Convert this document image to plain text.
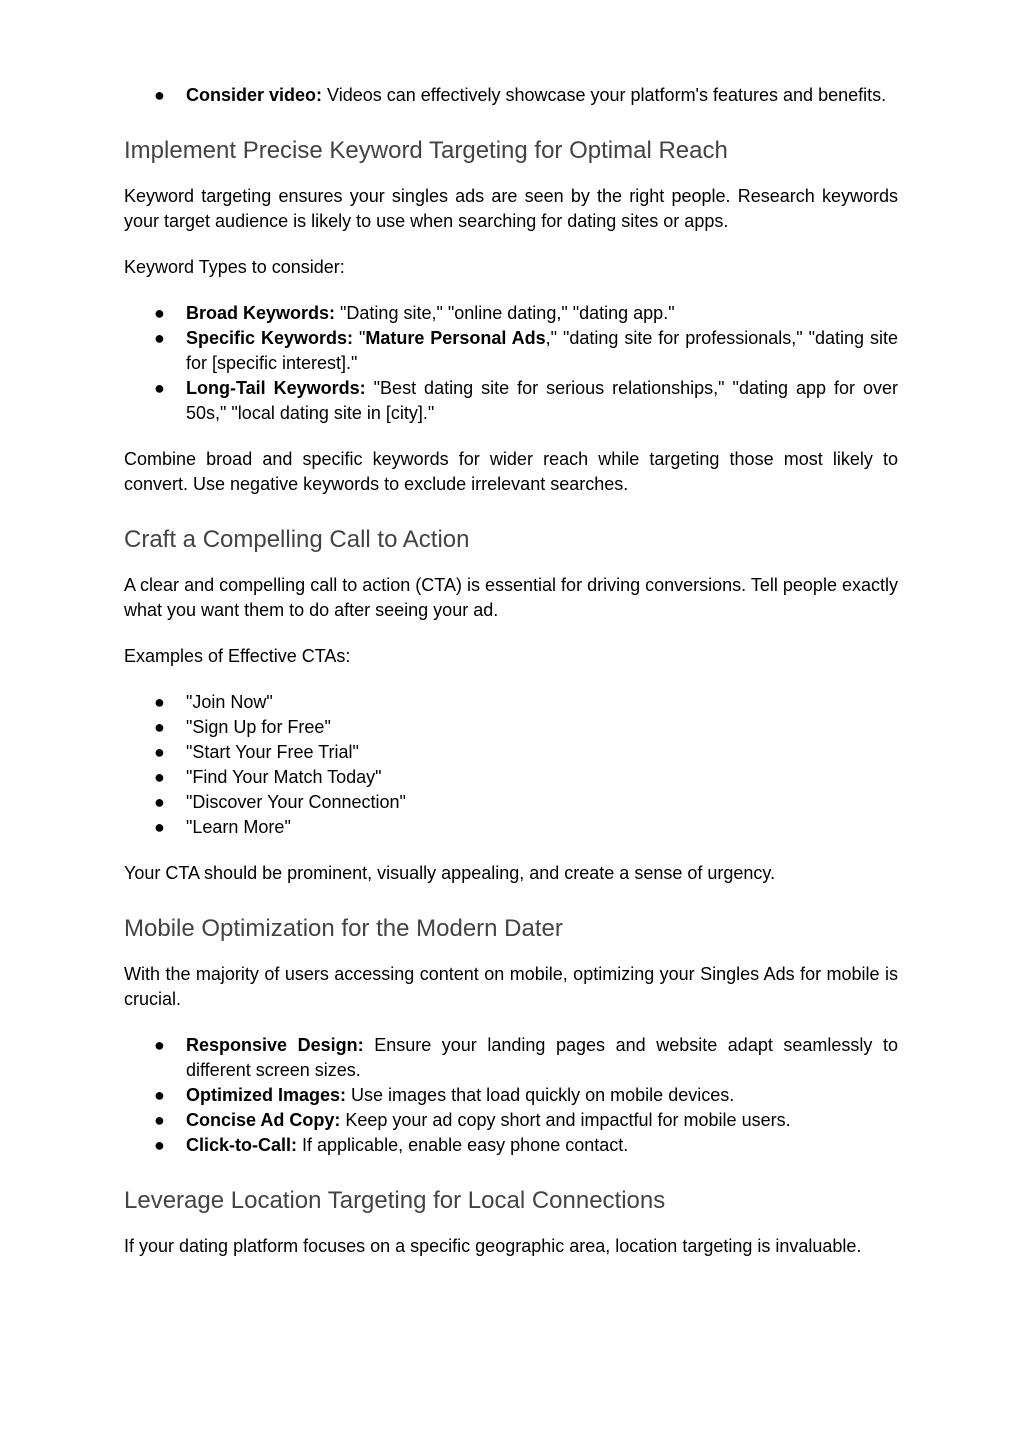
● Consider video: Videos can effectively showcase your platform's features and benefits.
Implement Precise Keyword Targeting for Optimal Reach

Keyword targeting ensures your singles ads are seen by the right people. Research keywords your target audience is likely to use when searching for dating sites or apps.

Keyword Types to consider:

● Broad Keywords: "Dating site," "online dating," "dating app."
● Specific Keywords: "Mature Personal Ads," "dating site for professionals," "dating site for [specific interest]."
● Long-Tail Keywords: "Best dating site for serious relationships," "dating app for over 50s," "local dating site in [city]."

Combine broad and specific keywords for wider reach while targeting those most likely to convert. Use negative keywords to exclude irrelevant searches.

Craft a Compelling Call to Action

A clear and compelling call to action (CTA) is essential for driving conversions. Tell people exactly what you want them to do after seeing your ad.

Examples of Effective CTAs:

● "Join Now"
● "Sign Up for Free"
● "Start Your Free Trial"
● "Find Your Match Today"
● "Discover Your Connection"
● "Learn More"

Your CTA should be prominent, visually appealing, and create a sense of urgency.

Mobile Optimization for the Modern Dater

With the majority of users accessing content on mobile, optimizing your Singles Ads for mobile is crucial.

● Responsive Design: Ensure your landing pages and website adapt seamlessly to different screen sizes.
● Optimized Images: Use images that load quickly on mobile devices.
● Concise Ad Copy: Keep your ad copy short and impactful for mobile users.
● Click-to-Call: If applicable, enable easy phone contact.
Leverage Location Targeting for Local Connections

If your dating platform focuses on a specific geographic area, location targeting is invaluable.
